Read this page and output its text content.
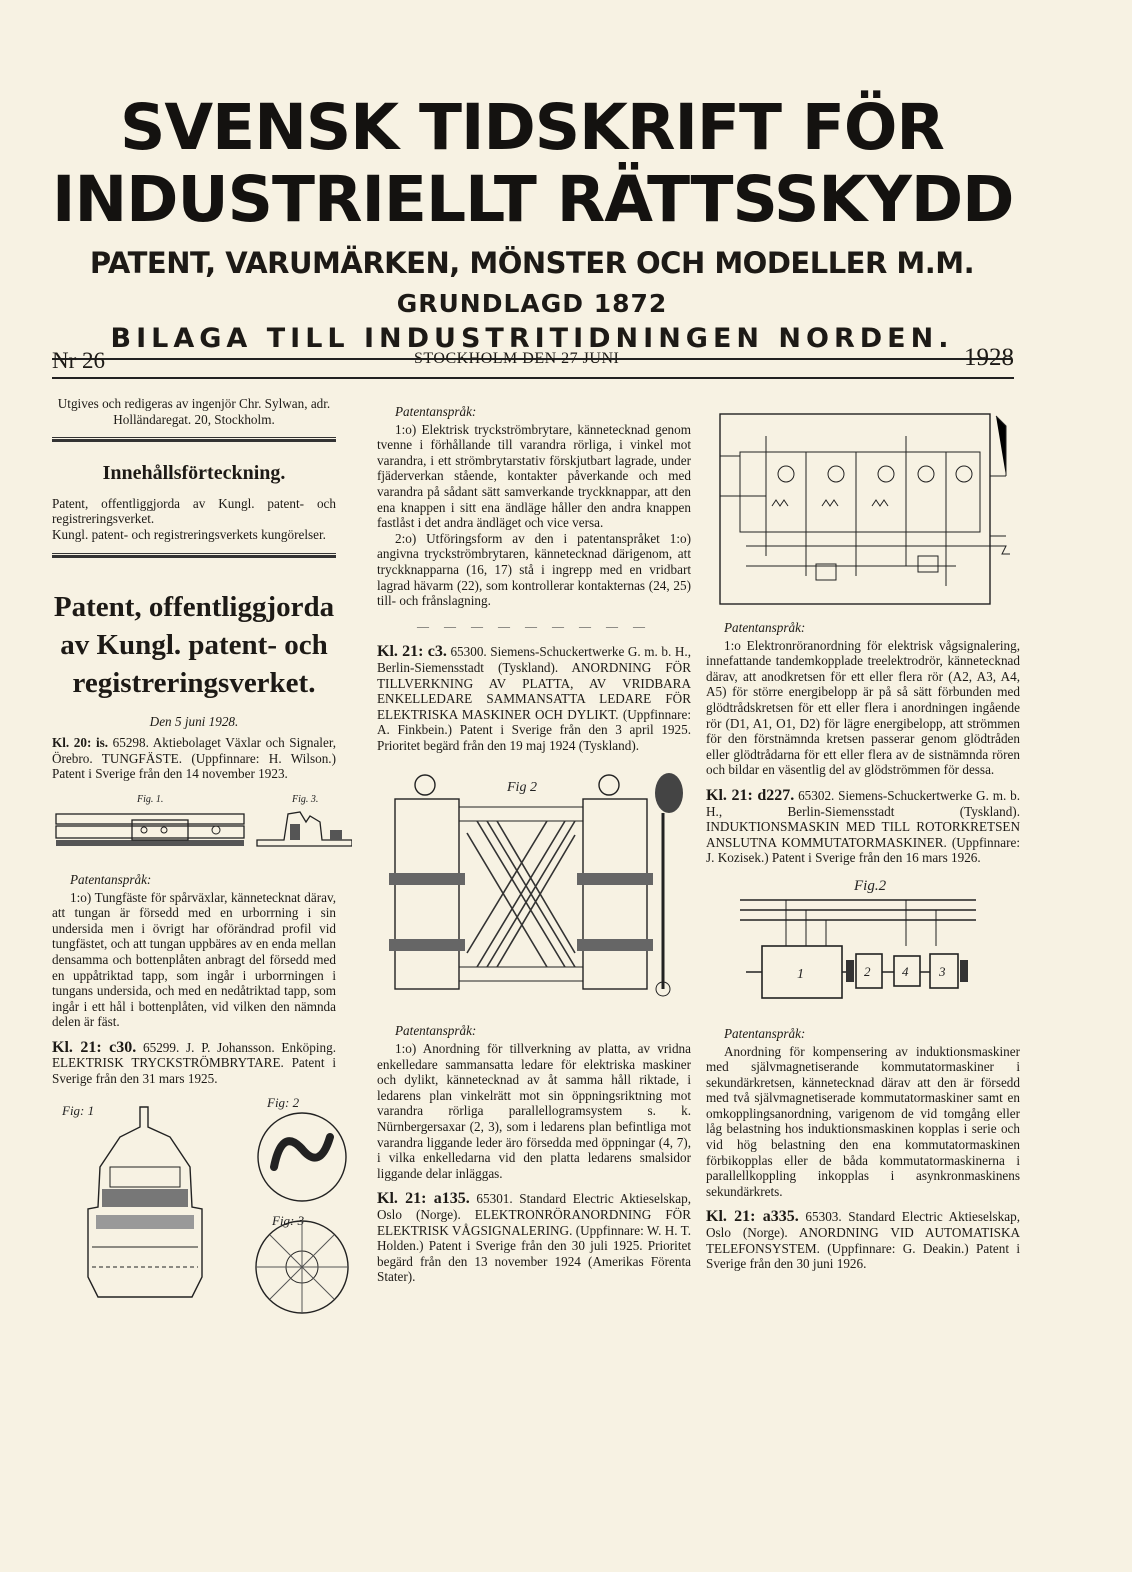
SVENSK TIDSKRIFT FÖR
INDUSTRIELLT RÄTTSSKYDD
PATENT, VARUMÄRKEN, MÖNSTER OCH MODELLER M.M.
GRUNDLAGD 1872
BILAGA TILL INDUSTRITIDNINGEN NORDEN.
Nr 26	STOCKHOLM DEN 27 JUNI	1928

Utgives och redigeras av ingenjör Chr. Sylwan, adr. Holländaregat. 20, Stockholm.

Innehållsförteckning.

Patent, offentliggjorda av Kungl. patent- och registreringsverket.

Kungl. patent- och registreringsverkets kungörelser.

Patent, offentliggjorda av Kungl. patent- och registreringsverket.
Den 5 juni 1928.

Kl. 20: is. 65298. Aktiebolaget Växlar och Signaler, Örebro. TUNGFÄSTE. (Uppfinnare: H. Wilson.) Patent i Sverige från den 14 november 1923.

Fig. 1.	Fig. 3.

Patentanspråk:

1:o) Tungfäste för spårväxlar, kännetecknat därav, att tungan är försedd med en urborrning i sin undersida men i övrigt har oförändrad profil vid tungfästet, och att tungan uppbäres av en enda mellan densamma och bottenplåten anbragt del försedd med en uppåtriktad tapp, som ingår i urborrningen i tungans undersida, och med en nedåtriktad tapp, som ingår i ett hål i bottenplåten, vid vilken den nämnda delen är fäst.

Kl. 21: c30. 65299. J. P. Johansson. Enköping. ELEKTRISK TRYCKSTRÖMBRYTARE. Patent i Sverige från den 31 mars 1925.

Fig: 1
Fig: 2
Fig: 3

Patentanspråk:

1:o) Elektrisk tryckströmbrytare, kännetecknad genom tvenne i förhållande till varandra rörliga, i vinkel mot varandra, i ett strömbrytarstativ förskjutbart lagrade, under fjäderverkan stående, kontakter påverkande och med varandra på sådant sätt samverkande tryckknappar, att den ena knappen i sitt ena ändläge håller den andra knappen fastlåst i det andra ändläget och vice versa.

2:o) Utföringsform av den i patentanspråket 1:o) angivna tryckströmbrytaren, kännetecknad därigenom, att tryckknapparna (16, 17) stå i ingrepp med en vridbart lagrad hävarm (22), som kontrollerar kontakternas (24, 25) till- och frånslagning.

— — — — — — — — —

Kl. 21: c3. 65300. Siemens-Schuckertwerke G. m. b. H., Berlin-Siemensstadt (Tyskland). ANORDNING FÖR TILLVERKNING AV PLATTA, AV VRIDBARA ENKELLEDARE SAMMANSATTA LEDARE FÖR ELEKTRISKA MASKINER OCH DYLIKT. (Uppfinnare: A. Finkbein.) Patent i Sverige från den 3 april 1925. Prioritet begärd från den 19 maj 1924 (Tyskland).

Fig 2

Patentanspråk:

1:o) Anordning för tillverkning av platta, av vridna enkelledare sammansatta ledare för elektriska maskiner och dylikt, kännetecknad av åt samma håll riktade, i ledarens plan vinkelrätt mot sin öppningsriktning mot varandra rörliga parallellogramsystem s. k. Nürnbergersaxar (2, 3), som i ledarens plan befintliga mot varandra liggande leder äro försedda med öppningar (4, 7), i vilka enkelledarna vid den platta ledarens smalsidor liggande delar inläggas.

Kl. 21: a135. 65301. Standard Electric Aktieselskap, Oslo (Norge). ELEKTRONRÖRANORDNING FÖR ELEKTRISK VÅGSIGNALERING. (Uppfinnare: W. H. T. Holden.) Patent i Sverige från den 30 juli 1925. Prioritet begärd från den 13 november 1924 (Amerikas Förenta Stater).

Patentanspråk:

1:o Elektronröranordning för elektrisk vågsignalering, innefattande tandemkopplade treelektrodrör, kännetecknad därav, att anodkretsen för ett eller flera rör (A2, A3, A4, A5) för större energibelopp är på så sätt förbunden med glödtrådskretsen för ett eller flera i anordningen ingående rör (D1, A1, O1, D2) för lägre energibelopp, att strömmen för den förstnämnda kretsen passerar genom glödtråden eller glödtrådarna för ett eller flera av de sistnämnda rören och bildar en väsentlig del av glödströmmen för dessa.

Kl. 21: d227. 65302. Siemens-Schuckertwerke G. m. b. H., Berlin-Siemensstadt (Tyskland). INDUKTIONSMASKIN MED TILL ROTORKRETSEN ANSLUTNA KOMMUTATORMASKINER. (Uppfinnare: J. Kozisek.) Patent i Sverige från den 16 mars 1926.

Fig.2
1	2 4 3

Patentanspråk:

Anordning för kompensering av induktionsmaskiner med självmagnetiserande kommutatormaskiner i sekundärkretsen, kännetecknad därav att den är försedd med två självmagnetiserade kommutatormaskiner samt en omkopplingsanordning, varigenom de vid tomgång eller låg belastning hos induktionsmaskinen kopplas i serie och vid hög belastning den ena kommutatormaskinen förbikopplas eller de båda kommutatormaskinerna i parallellkoppling inkopplas i asynkronmaskinens sekundärkrets.

Kl. 21: a335. 65303. Standard Electric Aktieselskap, Oslo (Norge). ANORDNING VID AUTOMATISKA TELEFONSYSTEM. (Uppfinnare: G. Deakin.) Patent i Sverige från den 30 juni 1926.
